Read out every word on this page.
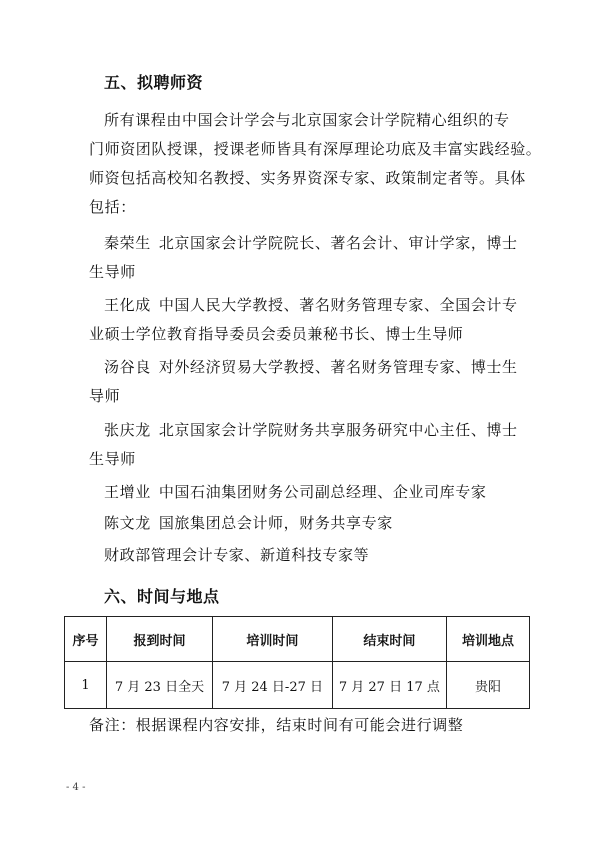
五、拟聘师资
所有课程由中国会计学会与北京国家会计学院精心组织的专
门师资团队授课，授课老师皆具有深厚理论功底及丰富实践经验。
师资包括高校知名教授、实务界资深专家、政策制定者等。具体
包括：
秦荣生 北京国家会计学院院长、著名会计、审计学家，博士
生导师
王化成 中国人民大学教授、著名财务管理专家、全国会计专
业硕士学位教育指导委员会委员兼秘书长、博士生导师
汤谷良 对外经济贸易大学教授、著名财务管理专家、博士生
导师
张庆龙 北京国家会计学院财务共享服务研究中心主任、博士
生导师
王增业 中国石油集团财务公司副总经理、企业司库专家
陈文龙 国旅集团总会计师，财务共享专家
财政部管理会计专家、新道科技专家等
六、时间与地点
序号	报到时间	培训时间	结束时间	培训地点
1	7 月 23 日全天	7 月 24 日-27 日	7 月 27 日 17 点	贵阳
备注：根据课程内容安排，结束时间有可能会进行调整
- 4 -
